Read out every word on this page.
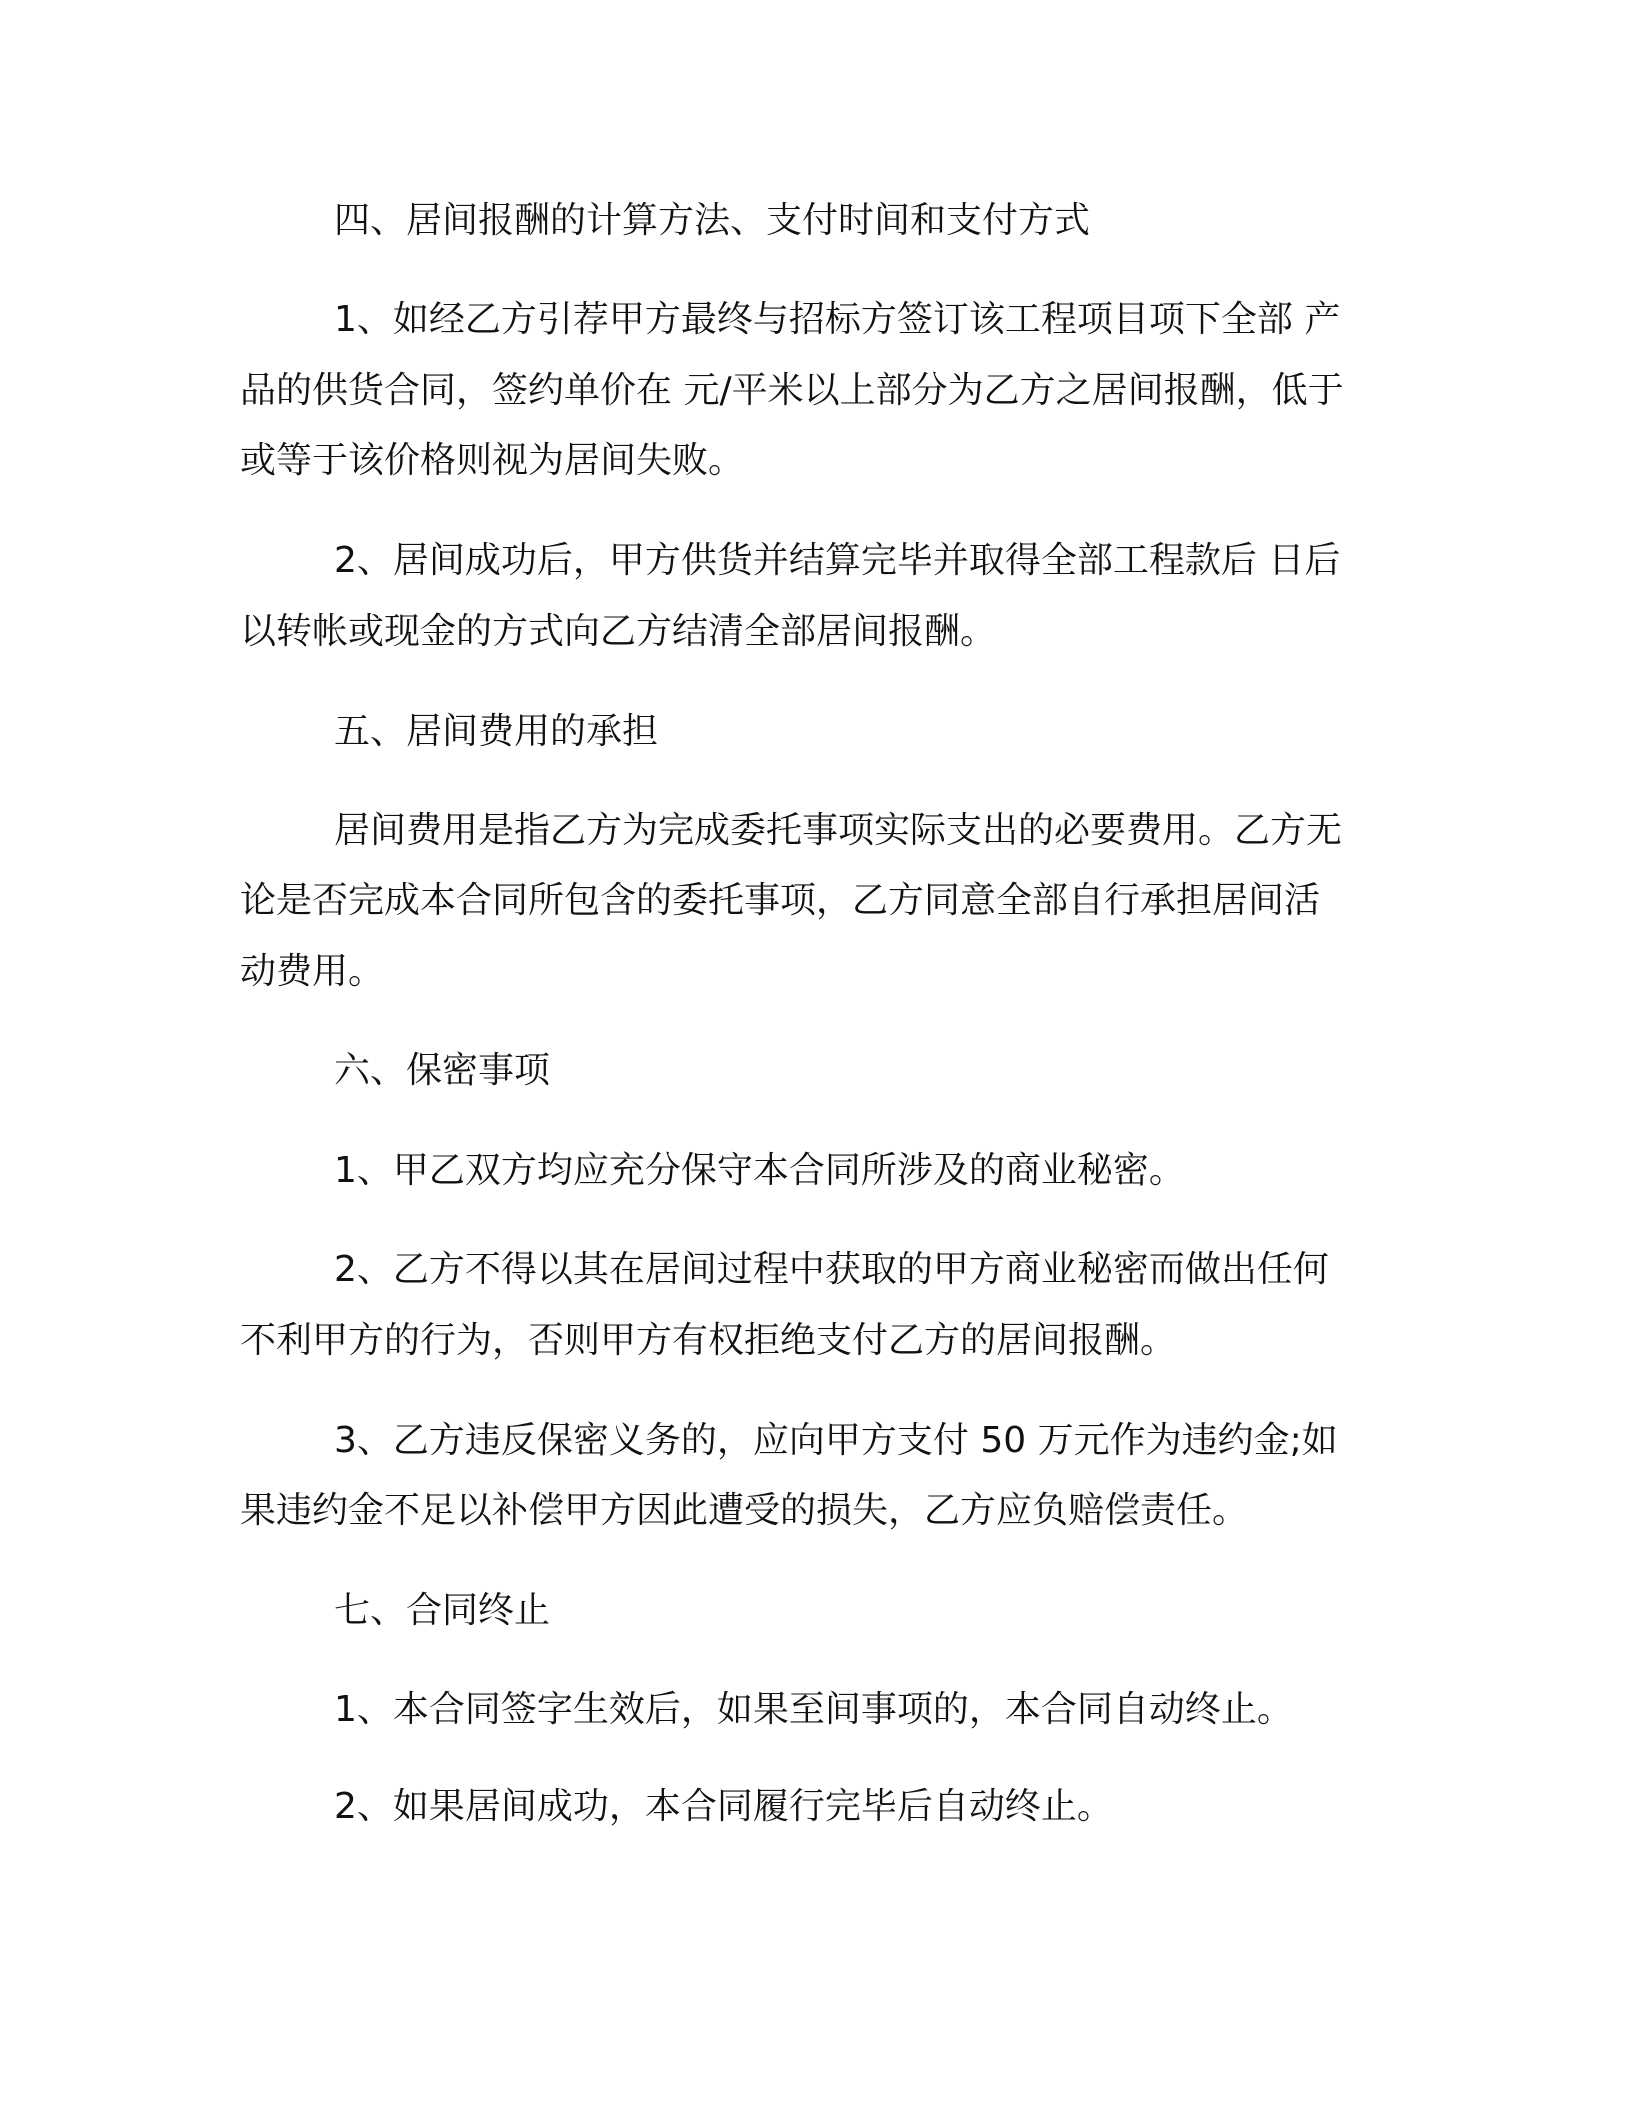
四、居间报酬的计算方法、支付时间和支付方式
1、如经乙方引荐甲方最终与招标方签订该工程项目项下全部 产
品的供货合同，签约单价在 元/平米以上部分为乙方之居间报酬，低于
或等于该价格则视为居间失败。
2、居间成功后，甲方供货并结算完毕并取得全部工程款后 日后
以转帐或现金的方式向乙方结清全部居间报酬。
五、居间费用的承担
居间费用是指乙方为完成委托事项实际支出的必要费用。乙方无
论是否完成本合同所包含的委托事项，乙方同意全部自行承担居间活
动费用。
六、保密事项
1、甲乙双方均应充分保守本合同所涉及的商业秘密。
2、乙方不得以其在居间过程中获取的甲方商业秘密而做出任何
不利甲方的行为，否则甲方有权拒绝支付乙方的居间报酬。
3、乙方违反保密义务的，应向甲方支付 50 万元作为违约金;如
果违约金不足以补偿甲方因此遭受的损失，乙方应负赔偿责任。
七、合同终止
1、本合同签字生效后，如果至间事项的，本合同自动终止。
2、如果居间成功，本合同履行完毕后自动终止。
